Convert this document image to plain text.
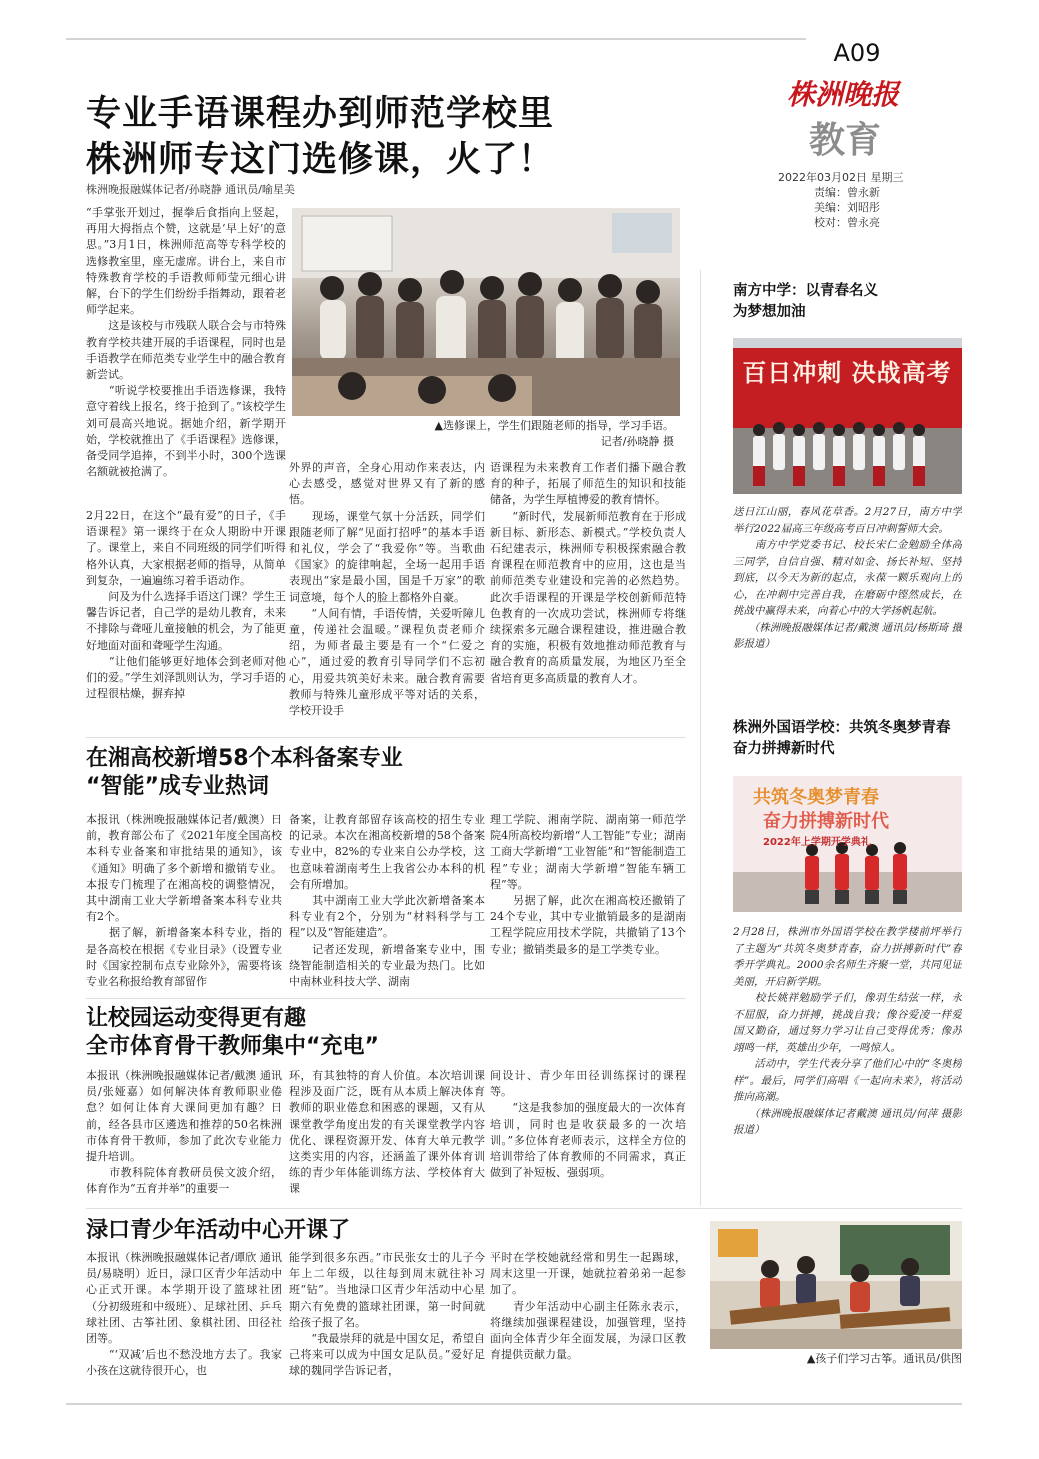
A09
株洲晚报
教育
2022年03月02日 星期三
责编：曾永新
美编：刘昭彤
校对：曾永亮
专业手语课程办到师范学校里
株洲师专这门选修课，火了！
株洲晚报融媒体记者/孙晓静 通讯员/喻星美
“手掌张开划过，握拳后食指向上竖起，再用大拇指点个赞，这就是‘早上好’的意思。”3月1日，株洲师范高等专科学校的选修教室里，座无虚席。讲台上，来自市特殊教育学校的手语教师师莹元细心讲解，台下的学生们纷纷手指舞动，跟着老师学起来。
　　这是该校与市残联人联合会与市特殊教育学校共建开展的手语课程，同时也是手语教学在师范类专业学生中的融合教育新尝试。
　　“听说学校要推出手语选修课，我特意守着线上报名，终于抢到了。”该校学生刘可晨高兴地说。据她介绍，新学期开始，学校就推出了《手语课程》选修课，备受同学追捧，不到半小时，300个选课名额就被抢满了。
▲选修课上，学生们跟随老师的指导，学习手语。
记者/孙晓静 摄
2月22日，在这个“最有爱”的日子，《手语课程》第一课终于在众人期盼中开课了。课堂上，来自不同班级的同学们听得格外认真，大家根据老师的指导，从简单到复杂，一遍遍练习着手语动作。
　　问及为什么选择手语这门课？学生王馨告诉记者，自己学的是幼儿教育，未来不排除与聋哑儿童接触的机会，为了能更好地面对面和聋哑学生沟通。
　　“让他们能够更好地体会到老师对他们的爱。”学生刘泽凯则认为，学习手语的过程很枯燥，摒弃掉
外界的声音，全身心用动作来表达，内心去感受，感觉对世界又有了新的感悟。
　　现场，课堂气氛十分活跃，同学们跟随老师了解“见面打招呼”的基本手语和礼仪，学会了“我爱你”等。当歌曲《国家》的旋律响起，全场一起用手语表现出“家是最小国，国是千万家”的歌词意境，每个人的脸上都格外自豪。
　　“人间有情，手语传情，关爱听障儿童，传递社会温暖。”课程负责老师介绍，为师者最主要是有一个“仁爱之心”，通过爱的教育引导同学们不忘初心，用爱共筑美好未来。融合教育需要教师与特殊儿童形成平等对话的关系，学校开设手
语课程为未来教育工作者们播下融合教育的种子，拓展了师范生的知识和技能储备，为学生厚植博爱的教育情怀。
　　“新时代，发展新师范教育在于形成新目标、新形态、新模式。”学校负责人石纪建表示，株洲师专积极探索融合教育课程在师范教育中的应用，这也是当前师范类专业建设和完善的必然趋势。此次手语课程的开课是学校创新师范特色教育的一次成功尝试，株洲师专将继续探索多元融合课程建设，推进融合教育的实施，积极有效地推动师范教育与融合教育的高质量发展，为地区乃至全省培育更多高质量的教育人才。
在湘高校新增58个本科备案专业
“智能”成专业热词
本报讯（株洲晚报融媒体记者/戴澳）日前，教育部公布了《2021年度全国高校本科专业备案和审批结果的通知》，该《通知》明确了多个新增和撤销专业。本报专门梳理了在湘高校的调整情况，其中湖南工业大学新增备案本科专业共有2个。
　　据了解，新增备案本科专业，指的是各高校在根据《专业目录》（设置专业时《国家控制布点专业除外》，需要将该专业名称报给教育部留作
备案，让教育部留存该高校的招生专业的记录。本次在湘高校新增的58个备案专业中，82%的专业来自公办学校，这也意味着湖南考生上我省公办本科的机会有所增加。
　　其中湖南工业大学此次新增备案本科专业有2个，分别为“材料科学与工程”以及“智能建造”。
　　记者还发现，新增备案专业中，围绕智能制造相关的专业最为热门。比如中南林业科技大学、湖南
理工学院、湘南学院、湖南第一师范学院4所高校均新增“人工智能”专业；湖南工商大学新增“工业智能”和“智能制造工程”专业；湖南大学新增“智能车辆工程”等。
　　另据了解，此次在湘高校还撤销了24个专业，其中专业撤销最多的是湖南工程学院应用技术学院，共撤销了13个专业；撤销类最多的是工学类专业。
让校园运动变得更有趣
全市体育骨干教师集中“充电”
本报讯（株洲晚报融媒体记者/戴澳 通讯员/张娅嘉）如何解决体育教师职业倦怠？如何让体育大课间更加有趣？日前，经各县市区遴选和推荐的50名株洲市体育骨干教师，参加了此次专业能力提升培训。
　　市教科院体育教研员侯文波介绍，体育作为“五育并举”的重要一
环，有其独特的育人价值。本次培训课程涉及面广泛，既有从本质上解决体育教师的职业倦怠和困惑的课题，又有从课堂教学角度出发的有关课堂教学内容优化、课程资源开发、体育大单元教学这类实用的内容，还涵盖了课外体育训练的青少年体能训练方法、学校体育大课
间设计、青少年田径训练探讨的课程等。
　　“这是我参加的强度最大的一次体育培训，同时也是收获最多的一次培训。”多位体育老师表示，这样全方位的培训带给了体育教师的不同需求，真正做到了补短板、强弱项。
渌口青少年活动中心开课了
本报讯（株洲晚报融媒体记者/谭欣 通讯员/易晓明）近日，渌口区青少年活动中心正式开课。本学期开设了篮球社团（分初级班和中级班）、足球社团、乒乓球社团、古筝社团、象棋社团、田径社团等。
　　“‘双减’后也不愁没地方去了。我家小孩在这就待很开心，也
能学到很多东西。”市民张女士的儿子今年上二年级，以往每到周末就往补习班“钻”。当地渌口区青少年活动中心星期六有免费的篮球社团课，第一时间就给孩子报了名。
　　“我最崇拜的就是中国女足，希望自己将来可以成为中国女足队员。”爱好足球的魏同学告诉记者，
平时在学校她就经常和男生一起踢球，周末这里一开课，她就拉着弟弟一起参加了。
　　青少年活动中心副主任陈永表示，将继续加强课程建设，加强管理，坚持面向全体青少年全面发展，为渌口区教育提供贡献力量。	▲孩子们学习古筝。通讯员/供图
南方中学：以青春名义
为梦想加油
百日冲刺 决战高考
送日江山丽，春风花草香。2月27日，南方中学举行2022届高三年级高考百日冲刺誓师大会。
　　南方中学党委书记、校长宋仁金勉励全体高三同学，自信自强、精对如金、扬长补短、坚持到底，以今天为新的起点，永葆一颗乐观向上的心，在冲刺中完善自我，在磨砺中铿然成长，在挑战中赢得未来，向着心中的大学扬帆起航。
　　（株洲晚报融媒体记者/戴澳 通讯员/杨斯琦 摄影报道）
株洲外国语学校：共筑冬奥梦青春
奋力拼搏新时代
共筑冬奥梦青春
奋力拼搏新时代
2022年上学期开学典礼
2月28日，株洲市外国语学校在教学楼前坪举行了主题为“共筑冬奥梦青春，奋力拼搏新时代”春季开学典礼。2000余名师生齐聚一堂，共同见证美丽，开启新学期。
　　校长姚祥勉励学子们，像羽生结弦一样，永不屈服，奋力拼搏，挑战自我；像谷爱凌一样爱国又勤奋，通过努力学习让自己变得优秀；像苏翊鸣一样，英雄出少年，一鸣惊人。
　　活动中，学生代表分享了他们心中的“冬奥榜样”。最后，同学们高唱《一起向未来》，将活动推向高潮。
　　（株洲晚报融媒体记者戴澳 通讯员/何萍 摄影报道）
